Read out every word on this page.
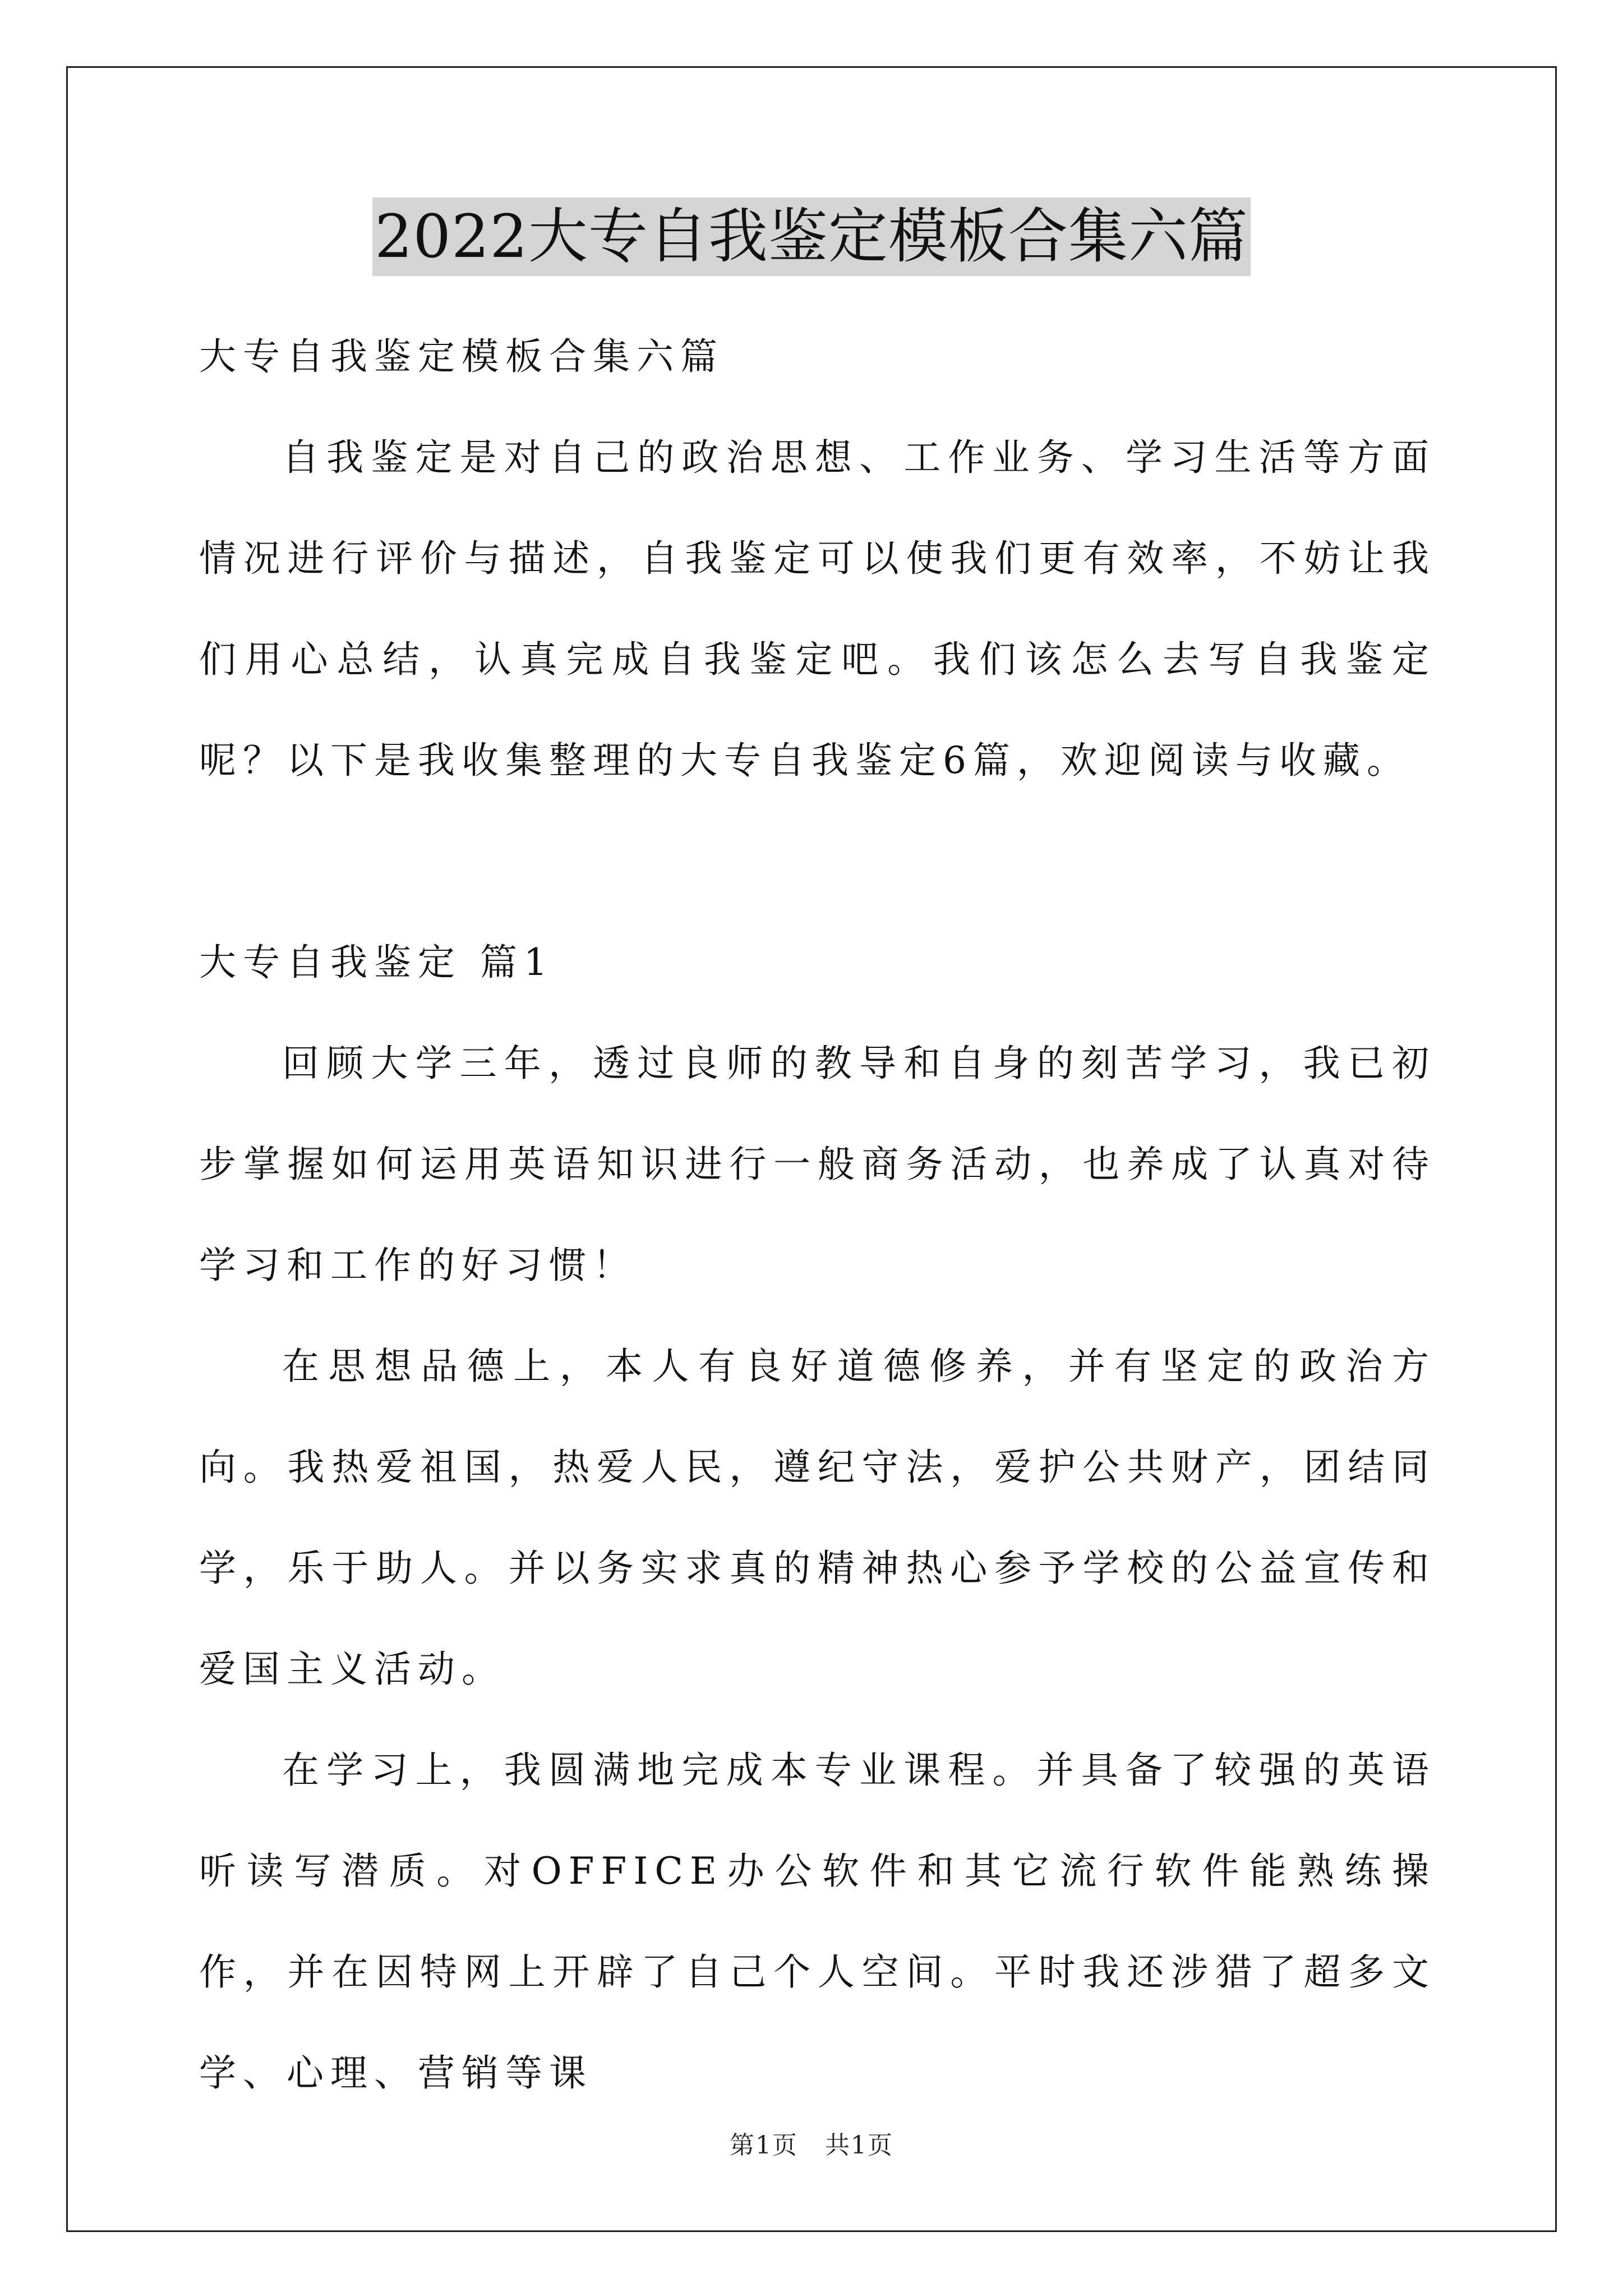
2022大专自我鉴定模板合集六篇

大专自我鉴定模板合集六篇

自我鉴定是对自己的政治思想、工作业务、学习生活等方面情况进行评价与描述，自我鉴定可以使我们更有效率，不妨让我们用心总结，认真完成自我鉴定吧。我们该怎么去写自我鉴定呢？以下是我收集整理的大专自我鉴定6篇，欢迎阅读与收藏。

大专自我鉴定 篇1

回顾大学三年，透过良师的教导和自身的刻苦学习，我已初步掌握如何运用英语知识进行一般商务活动，也养成了认真对待学习和工作的好习惯！

在思想品德上，本人有良好道德修养，并有坚定的政治方向。我热爱祖国，热爱人民，遵纪守法，爱护公共财产，团结同学，乐于助人。并以务实求真的精神热心参予学校的公益宣传和爱国主义活动。

在学习上，我圆满地完成本专业课程。并具备了较强的英语听读写潜质。对OFFICE办公软件和其它流行软件能熟练操作，并在因特网上开辟了自己个人空间。平时我还涉猎了超多文学、心理、营销等课

第1页   共1页
